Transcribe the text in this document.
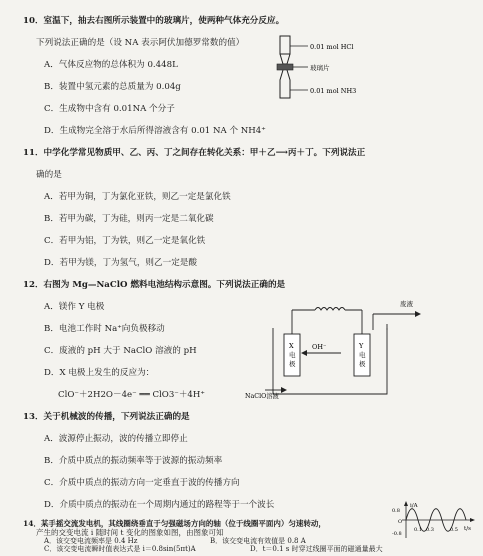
10．室温下，抽去右图所示装置中的玻璃片，使两种气体充分反应。
下列说法正确的是（设 NA 表示阿伏加德罗常数的值）
A．气体反应物的总体积为 0.448L
B．装置中氢元素的总质量为 0.04g
C．生成物中含有 0.01NA 个分子
D．生成物完全溶于水后所得溶液含有 0.01 NA 个 NH4⁺
0.01 mol HCl
玻璃片
0.01 mol NH3
11．中学化学常见物质甲、乙、丙、丁之间存在转化关系：甲＋乙⟶丙＋丁。下列说法正
确的是
A．若甲为铜，丁为氯化亚铁，则乙一定是氯化铁
B．若甲为碳，丁为硅，则丙一定是二氧化碳
C．若甲为铝，丁为铁，则乙一定是氧化铁
D．若甲为镁，丁为氢气，则乙一定是酸
12．右图为 Mg—NaClO 燃料电池结构示意图。下列说法正确的是
A．镁作 Y 电极
B．电池工作时 Na⁺向负极移动
C．废液的 pH 大于 NaClO 溶液的 pH
D．X 电极上发生的反应为：
ClO⁻＋2H2O－4e⁻ ══ ClO3⁻＋4H⁺
废液
X
电
极
Y
电
极
OH⁻
NaClO溶液
13．关于机械波的传播，下列说法正确的是
A．波源停止振动，波的传播立即停止
B．介质中质点的振动频率等于波源的振动频率
C．介质中质点的振动方向一定垂直于波的传播方向
D．介质中质点的振动在一个周期内通过的路程等于一个波长
14．某手摇交流发电机，其线圈绕垂直于匀强磁场方向的轴（位于线圈平面内）匀速转动，
产生的交变电流 i 随时间 t 变化的图象如图，由图象可知
A．该交变电流频率是 0.4 Hz	B．该交变电流有效值是 0.8 A
C．该交变电流瞬时值表达式是 i＝0.8sin(5πt)A	D．t＝0.1 s 时穿过线圈平面的磁通量最大
i/A
t/s
0.8
O
-0.8
0.1 0.3	0.5
